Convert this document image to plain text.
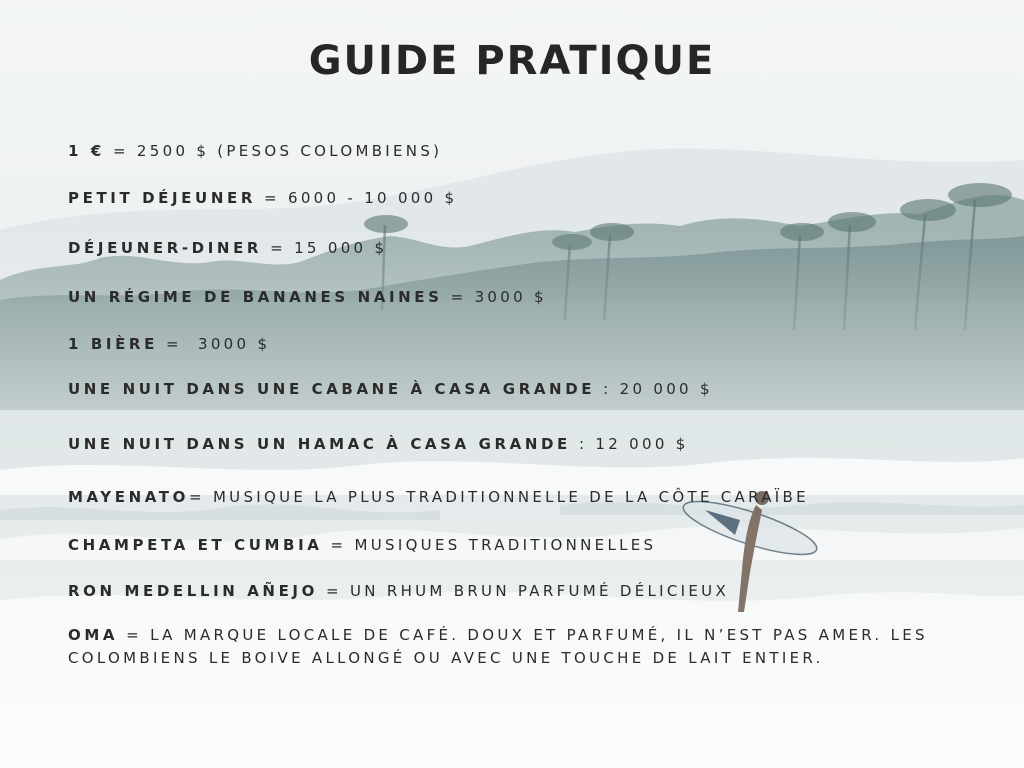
GUIDE PRATIQUE

1 € = 2500 $ (PESOS COLOMBIENS)

PETIT DÉJEUNER = 6000 - 10 000 $

DÉJEUNER-DINER = 15 000 $

UN RÉGIME DE BANANES NAINES = 3000 $

1 BIÈRE =  3000 $

UNE NUIT DANS UNE CABANE À CASA GRANDE : 20 000 $

UNE NUIT DANS UN HAMAC À CASA GRANDE : 12 000 $

MAYENATO= MUSIQUE LA PLUS TRADITIONNELLE DE LA CÔTE CARAÏBE

CHAMPETA ET CUMBIA = MUSIQUES TRADITIONNELLES

RON MEDELLIN AÑEJO = UN RHUM BRUN PARFUMÉ DÉLICIEUX

OMA = LA MARQUE LOCALE DE CAFÉ. DOUX ET PARFUMÉ, IL N’EST PAS AMER. LES COLOMBIENS LE BOIVE ALLONGÉ OU AVEC UNE TOUCHE DE LAIT ENTIER.
